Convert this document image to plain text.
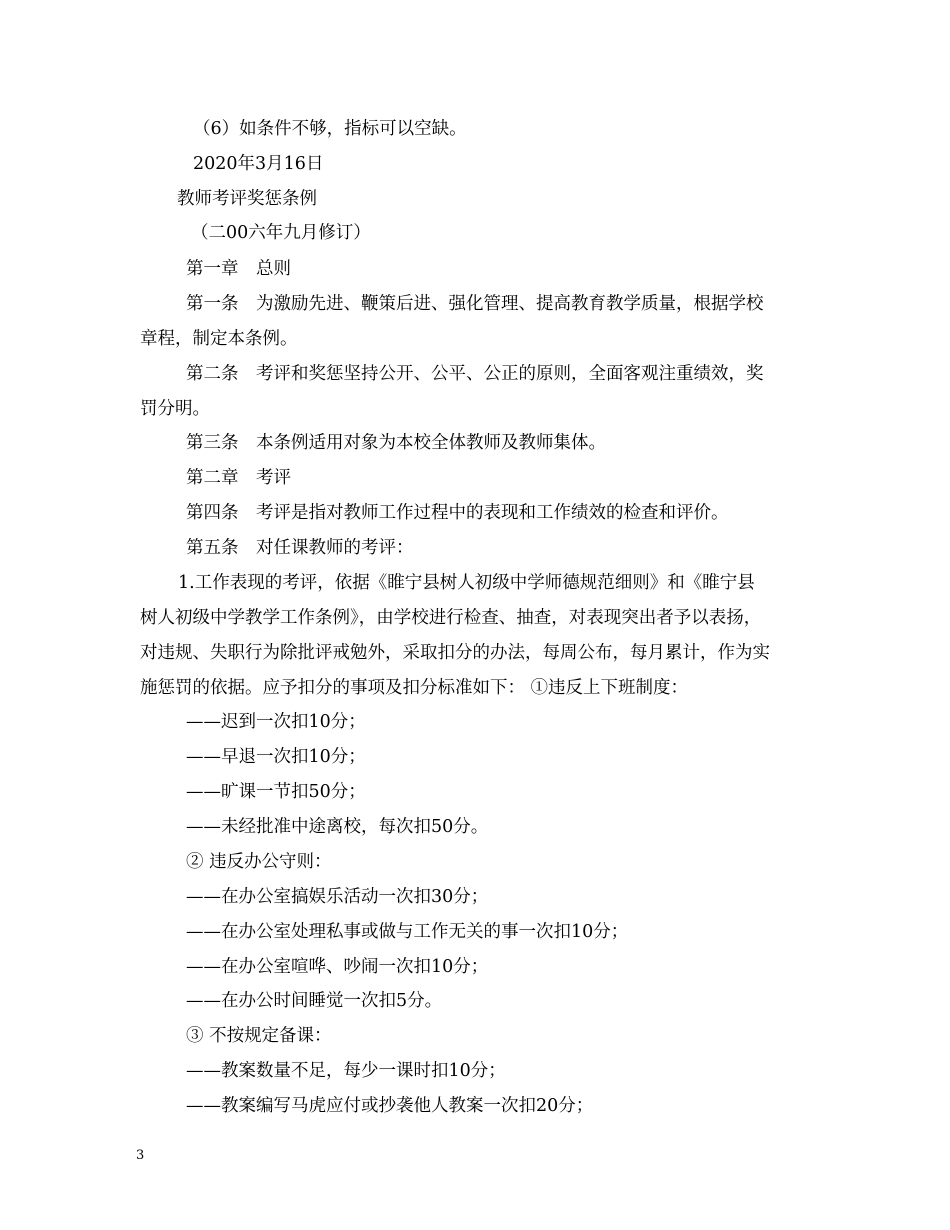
（6）如条件不够，指标可以空缺。
2020年3月16日
教师考评奖惩条例
（二00六年九月修订）
第一章　总则
第一条　为激励先进、鞭策后进、强化管理、提高教育教学质量，根据学校
章程，制定本条例。
第二条　考评和奖惩坚持公开、公平、公正的原则，全面客观注重绩效，奖
罚分明。
第三条　本条例适用对象为本校全体教师及教师集体。
第二章　考评
第四条　考评是指对教师工作过程中的表现和工作绩效的检查和评价。
第五条　对任课教师的考评：
1.工作表现的考评，依据《睢宁县树人初级中学师德规范细则》和《睢宁县
树人初级中学教学工作条例》，由学校进行检查、抽查，对表现突出者予以表扬，
对违规、失职行为除批评戒勉外，采取扣分的办法，每周公布，每月累计，作为实
施惩罚的依据。应予扣分的事项及扣分标准如下： ①违反上下班制度：
——迟到一次扣10分；
——早退一次扣10分；
——旷课一节扣50分；
——未经批准中途离校，每次扣50分。
② 违反办公守则：
——在办公室搞娱乐活动一次扣30分；
——在办公室处理私事或做与工作无关的事一次扣10分；
——在办公室喧哗、吵闹一次扣10分；
——在办公时间睡觉一次扣5分。
③ 不按规定备课：
——教案数量不足，每少一课时扣10分；
——教案编写马虎应付或抄袭他人教案一次扣20分；
3
